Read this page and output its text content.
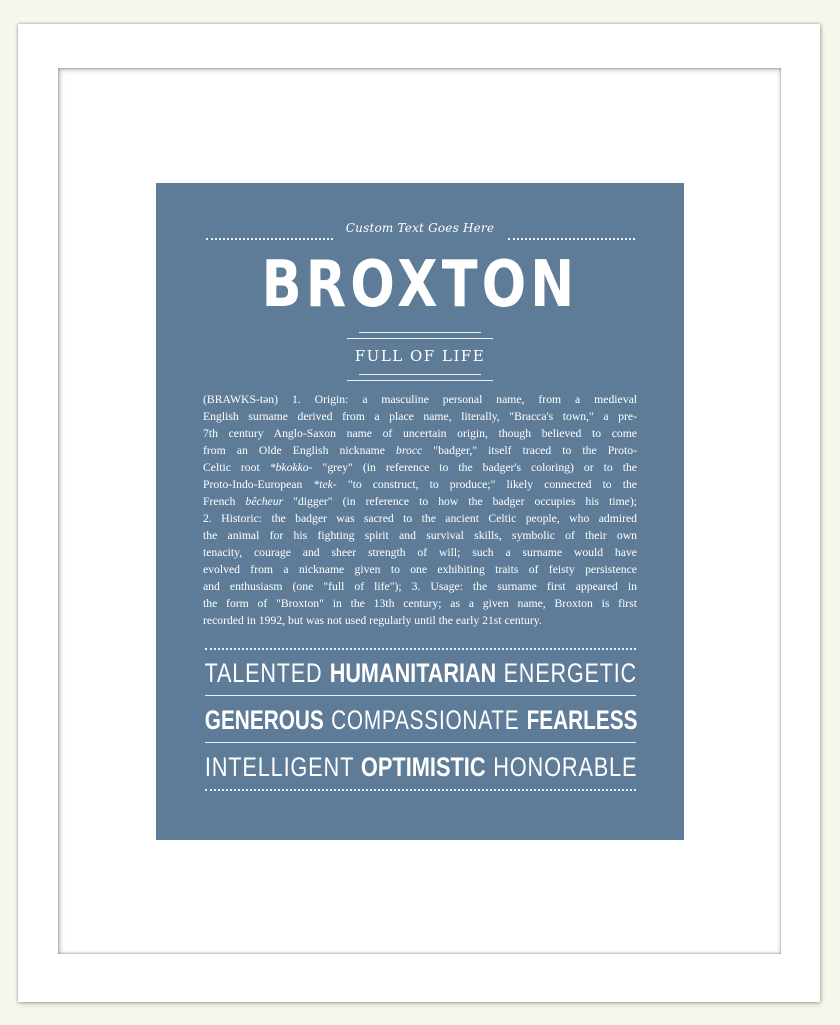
Custom Text Goes Here
BROXTON
FULL OF LIFE
(BRAWKS-tən) 1. Origin: a masculine personal name, from a medieval
English surname derived from a place name, literally, "Bracca's town," a pre-
7th century Anglo-Saxon name of uncertain origin, though believed to come
from an Olde English nickname brocc "badger," itself traced to the Proto-
Celtic root *bkokko- "grey" (in reference to the badger's coloring) or to the
Proto-Indo-European *tek- "to construct, to produce;" likely connected to the
French bêcheur "digger" (in reference to how the badger occupies his time);
2. Historic: the badger was sacred to the ancient Celtic people, who admired
the animal for his fighting spirit and survival skills, symbolic of their own
tenacity, courage and sheer strength of will; such a surname would have
evolved from a nickname given to one exhibiting traits of feisty persistence
and enthusiasm (one "full of life"); 3. Usage: the surname first appeared in
the form of "Broxton" in the 13th century; as a given name, Broxton is first
recorded in 1992, but was not used regularly until the early 21st century.
TALENTED HUMANITARIAN ENERGETIC
GENEROUS COMPASSIONATE FEARLESS
INTELLIGENT OPTIMISTIC HONORABLE
